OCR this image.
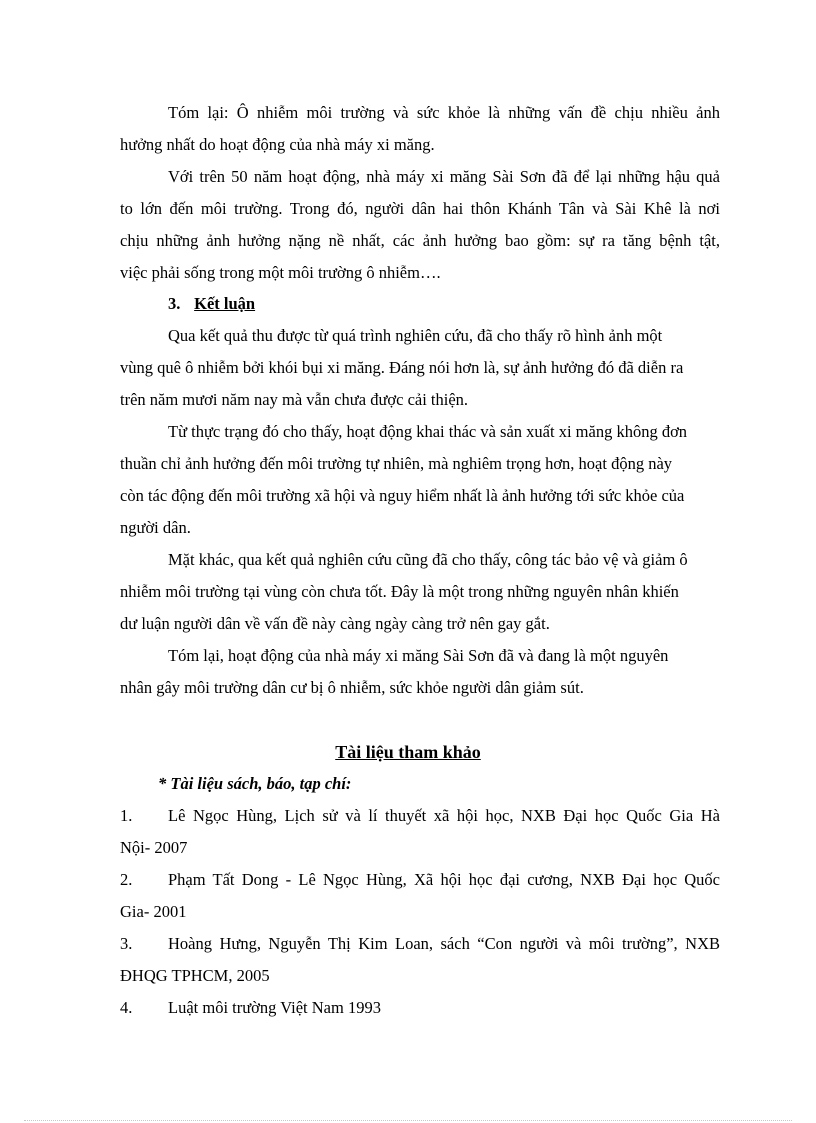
Tóm lại: Ô nhiễm môi trường và sức khỏe là những vấn đề chịu nhiều ảnh
hưởng nhất do hoạt động của nhà máy xi măng.
Với trên 50 năm hoạt động, nhà máy xi măng Sài Sơn đã để lại những hậu quả
to lớn đến môi trường. Trong đó, người dân hai thôn Khánh Tân và Sài Khê là nơi
chịu những ảnh hưởng nặng nề nhất, các ảnh hưởng bao gồm: sự ra tăng bệnh tật,
việc phải sống trong một môi trường ô nhiễm….
3. Kết luận
Qua kết quả thu được từ quá trình nghiên cứu, đã cho thấy rõ hình ảnh một
vùng quê ô nhiễm bởi khói bụi xi măng. Đáng nói hơn là, sự ảnh hưởng đó đã diễn ra
trên năm mươi năm nay mà vẫn chưa được cải thiện.
Từ thực trạng đó cho thấy, hoạt động khai thác và sản xuất xi măng không đơn
thuần chỉ ảnh hưởng đến môi trường tự nhiên, mà nghiêm trọng hơn, hoạt động này
còn tác động đến môi trường xã hội và nguy hiểm nhất là ảnh hưởng tới sức khỏe của
người dân.
Mặt khác, qua kết quả nghiên cứu cũng đã cho thấy, công tác bảo vệ và giảm ô
nhiễm môi trường tại vùng còn chưa tốt. Đây là một trong những nguyên nhân khiến
dư luận người dân về vấn đề này càng ngày càng trở nên gay gắt.
Tóm lại, hoạt động của nhà máy xi măng Sài Sơn đã và đang là một nguyên
nhân gây môi trường dân cư bị ô nhiễm, sức khỏe người dân giảm sút.
Tài liệu tham khảo
* Tài liệu sách, báo, tạp chí:
1.	Lê Ngọc Hùng, Lịch sử và lí thuyết xã hội học, NXB Đại học Quốc Gia Hà
Nội- 2007
2.	Phạm Tất Dong - Lê Ngọc Hùng, Xã hội học đại cương, NXB Đại học Quốc
Gia- 2001
3.	Hoàng Hưng, Nguyễn Thị Kim Loan, sách “Con người và môi trường”, NXB
ĐHQG TPHCM, 2005
4.	Luật môi trường Việt Nam 1993
